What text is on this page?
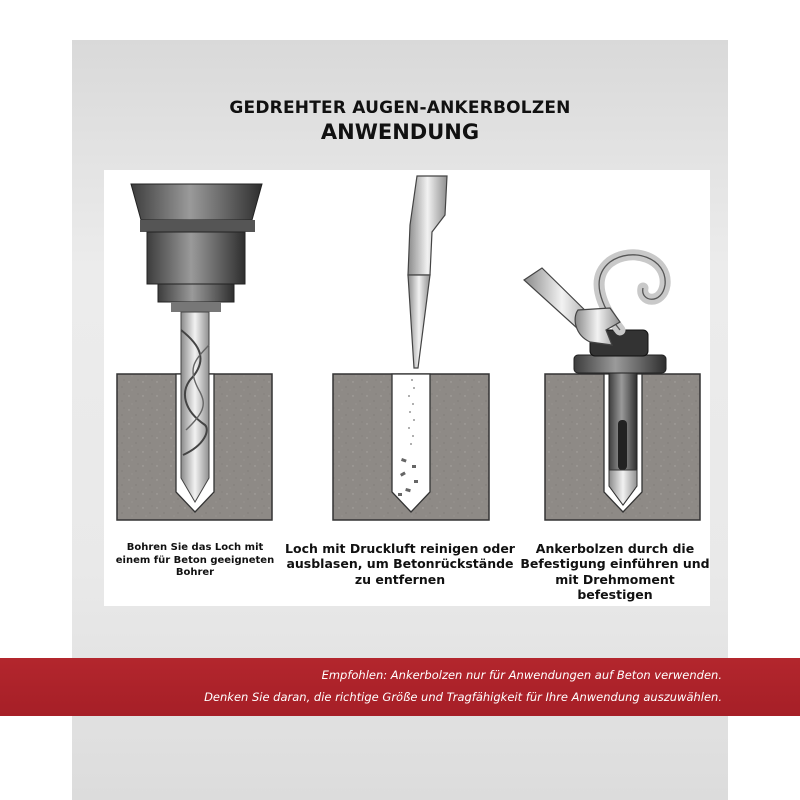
GEDREHTER AUGEN-ANKERBOLZEN
ANWENDUNG
Bohren Sie das Loch mit einem für Beton geeigneten Bohrer
Loch mit Druckluft reinigen oder ausblasen, um Betonrückstände zu entfernen
Ankerbolzen durch die Befestigung einführen und mit Drehmoment befestigen
Empfohlen: Ankerbolzen nur für Anwendungen auf Beton verwenden.
Denken Sie daran, die richtige Größe und Tragfähigkeit für Ihre Anwendung auszuwählen.
